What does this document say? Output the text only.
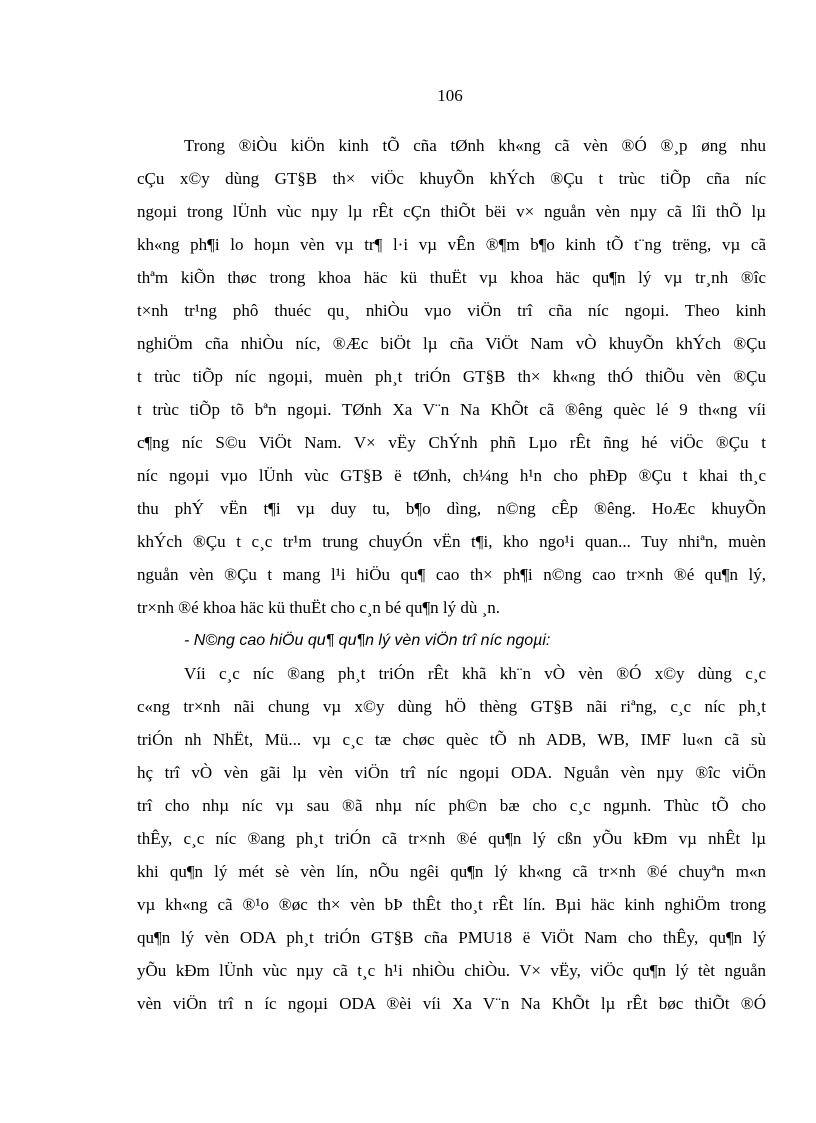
106
Trong ®iÒu kiÖn kinh tÕ cña tØnh kh«ng cã vèn ®Ó ®¸p øng nhu
cÇu x©y dùng GT§B th× viÖc khuyÕn khÝch ®Çu t trùc tiÕp cña níc
ngoµi trong lÜnh vùc nµy lµ rÊt cÇn thiÕt bëi v× nguån vèn nµy cã lîi thÕ lµ
kh«ng ph¶i lo hoµn vèn vµ tr¶ l·i vµ vÊn ®¶m b¶o kinh tÕ t¨ng trëng, vµ cã
thªm kiÕn thøc trong khoa häc kü thuËt vµ khoa häc qu¶n lý vµ tr¸nh ®îc
t×nh tr¹ng phô thuéc qu¸ nhiÒu vµo viÖn trî cña níc ngoµi. Theo kinh
nghiÖm cña nhiÒu níc, ®Æc biÖt lµ cña ViÖt Nam vÒ khuyÕn khÝch ®Çu
t trùc tiÕp níc ngoµi, muèn ph¸t triÓn GT§B th× kh«ng thÓ thiÕu vèn ®Çu
t trùc tiÕp tõ bªn ngoµi. TØnh Xa V¨n Na KhÕt cã ®êng quèc lé 9 th«ng víi
c¶ng níc S©u ViÖt Nam. V× vËy ChÝnh phñ Lµo rÊt ñng hé viÖc ®Çu t
níc ngoµi vµo lÜnh vùc GT§B ë tØnh, ch¼ng h¹n cho phÐp ®Çu t khai th¸c
thu phÝ vËn t¶i vµ duy tu, b¶o dìng, n©ng cÊp ®êng. HoÆc khuyÕn
khÝch ®Çu t c¸c tr¹m trung chuyÓn vËn t¶i, kho ngo¹i quan... Tuy nhiªn, muèn
nguån vèn ®Çu t mang l¹i hiÖu qu¶ cao th× ph¶i n©ng cao tr×nh ®é qu¶n lý,
tr×nh ®é khoa häc kü thuËt cho c¸n bé qu¶n lý dù ¸n.
- N©ng cao hiÖu qu¶ qu¶n lý vèn viÖn trî níc ngoµi:
Víi c¸c níc ®ang ph¸t triÓn rÊt khã kh¨n vÒ vèn ®Ó x©y dùng c¸c
c«ng tr×nh nãi chung vµ x©y dùng hÖ thèng GT§B nãi riªng, c¸c níc ph¸t
triÓn nh NhËt, Mü... vµ c¸c tæ chøc quèc tÕ nh ADB, WB, IMF lu«n cã sù
hç trî vÒ vèn gãi lµ vèn viÖn trî níc ngoµi ODA. Nguån vèn nµy ®îc viÖn
trî cho nhµ níc vµ sau ®ã nhµ níc ph©n bæ cho c¸c ngµnh. Thùc tÕ cho
thÊy, c¸c níc ®ang ph¸t triÓn cã tr×nh ®é qu¶n lý cßn yÕu kÐm vµ nhÊt lµ
khi qu¶n lý mét sè vèn lín, nÕu ngêi qu¶n lý kh«ng cã tr×nh ®é chuyªn m«n
vµ kh«ng cã ®¹o ®øc th× vèn bÞ thÊt tho¸t rÊt lín. Bµi häc kinh nghiÖm trong
qu¶n lý vèn ODA ph¸t triÓn GT§B cña PMU18 ë ViÖt Nam cho thÊy, qu¶n lý
yÕu kÐm lÜnh vùc nµy cã t¸c h¹i nhiÒu chiÒu. V× vËy, viÖc qu¶n lý tèt nguån
vèn viÖn trî n íc ngoµi ODA ®èi víi Xa V¨n Na KhÕt lµ rÊt bøc thiÕt ®Ó
